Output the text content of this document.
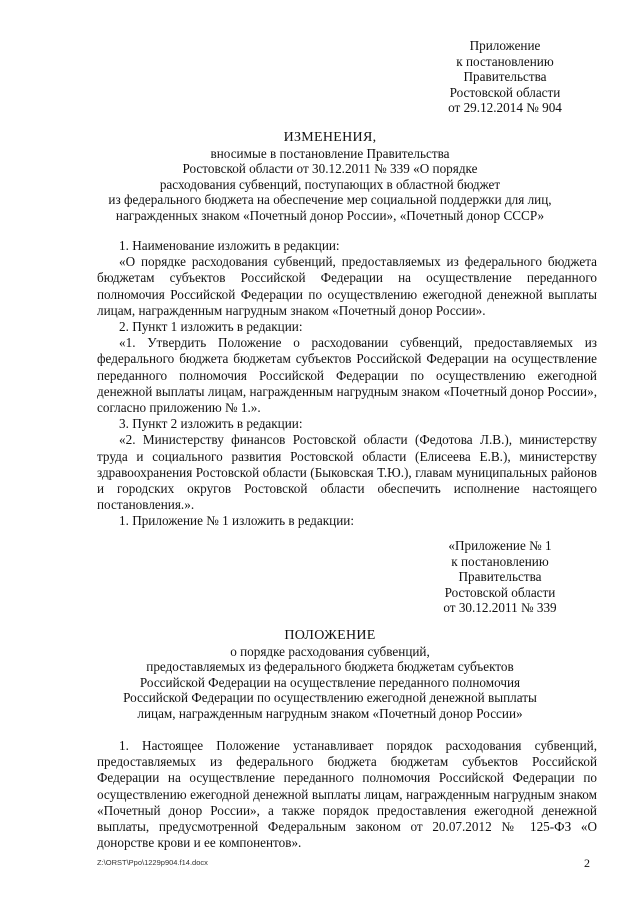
Приложение
к постановлению
Правительства
Ростовской области
от 29.12.2014 № 904
ИЗМЕНЕНИЯ,
вносимые в постановление Правительства
Ростовской области от 30.12.2011 № 339 «О порядке
расходования субвенций, поступающих в областной бюджет
из федерального бюджета на обеспечение мер социальной поддержки для лиц,
награжденных знаком «Почетный донор России», «Почетный донор СССР»

1. Наименование изложить в редакции:

«О порядке расходования субвенций, предоставляемых из федерального бюджета бюджетам субъектов Российской Федерации на осуществление переданного полномочия Российской Федерации по осуществлению ежегодной денежной выплаты лицам, награжденным нагрудным знаком «Почетный донор России».

2. Пункт 1 изложить в редакции:

«1. Утвердить Положение о расходовании субвенций, предоставляемых из федерального бюджета бюджетам субъектов Российской Федерации на осуществление переданного полномочия Российской Федерации по осуществлению ежегодной денежной выплаты лицам, награжденным нагрудным знаком «Почетный донор России», согласно приложению № 1.».

3. Пункт 2 изложить в редакции:

«2. Министерству финансов Ростовской области (Федотова Л.В.), министерству труда и социального развития Ростовской области (Елисеева Е.В.), министерству здравоохранения Ростовской области (Быковская Т.Ю.), главам муниципальных районов и городских округов Ростовской области обеспечить исполнение настоящего постановления.».

1. Приложение № 1 изложить в редакции:

«Приложение № 1
к постановлению
Правительства
Ростовской области
от 30.12.2011 № 339
ПОЛОЖЕНИЕ
о порядке расходования субвенций,
предоставляемых из федерального бюджета бюджетам субъектов
Российской Федерации на осуществление переданного полномочия
Российской Федерации по осуществлению ежегодной денежной выплаты
лицам, награжденным нагрудным знаком «Почетный донор России»

1. Настоящее Положение устанавливает порядок расходования субвенций, предоставляемых из федерального бюджета бюджетам субъектов Российской Федерации на осуществление переданного полномочия Российской Федерации по осуществлению ежегодной денежной выплаты лицам, награжденным нагрудным знаком «Почетный донор России», а также порядок предоставления ежегодной денежной выплаты, предусмотренной Федеральным законом от 20.07.2012 № 125-ФЗ «О донорстве крови и ее компонентов».

Z:\ORST\Ppo\1229p904.f14.docx	2
